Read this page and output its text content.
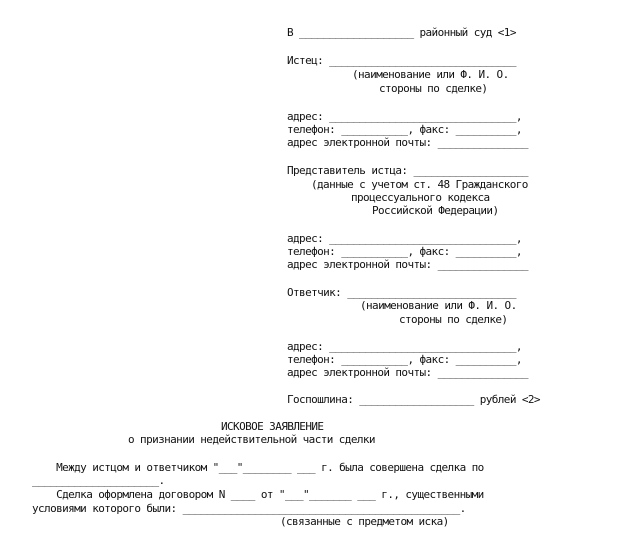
В ___________________ районный суд <1>
Истец: _______________________________
(наименование или Ф. И. О.
стороны по сделке)
адрес: _______________________________,
телефон: ___________, факс: __________,
адрес электронной почты: _______________
Представитель истца: ___________________
(данные с учетом ст. 48 Гражданского
процессуального кодекса
Российской Федерации)
адрес: _______________________________,
телефон: ___________, факс: __________,
адрес электронной почты: _______________
Ответчик: ____________________________
(наименование или Ф. И. О.
стороны по сделке)
адрес: _______________________________,
телефон: ___________, факс: __________,
адрес электронной почты: _______________
Госпошлина: ___________________ рублей <2>
ИСКОВОЕ ЗАЯВЛЕНИЕ
о признании недействительной части сделки
Между истцом и ответчиком "___"________ ___ г. была совершена сделка по
_____________________.
Сделка оформлена договором N ____ от "___"_______ ___ г., существенными
условиями которого были: ______________________________________________.
(связанные с предметом иска)
